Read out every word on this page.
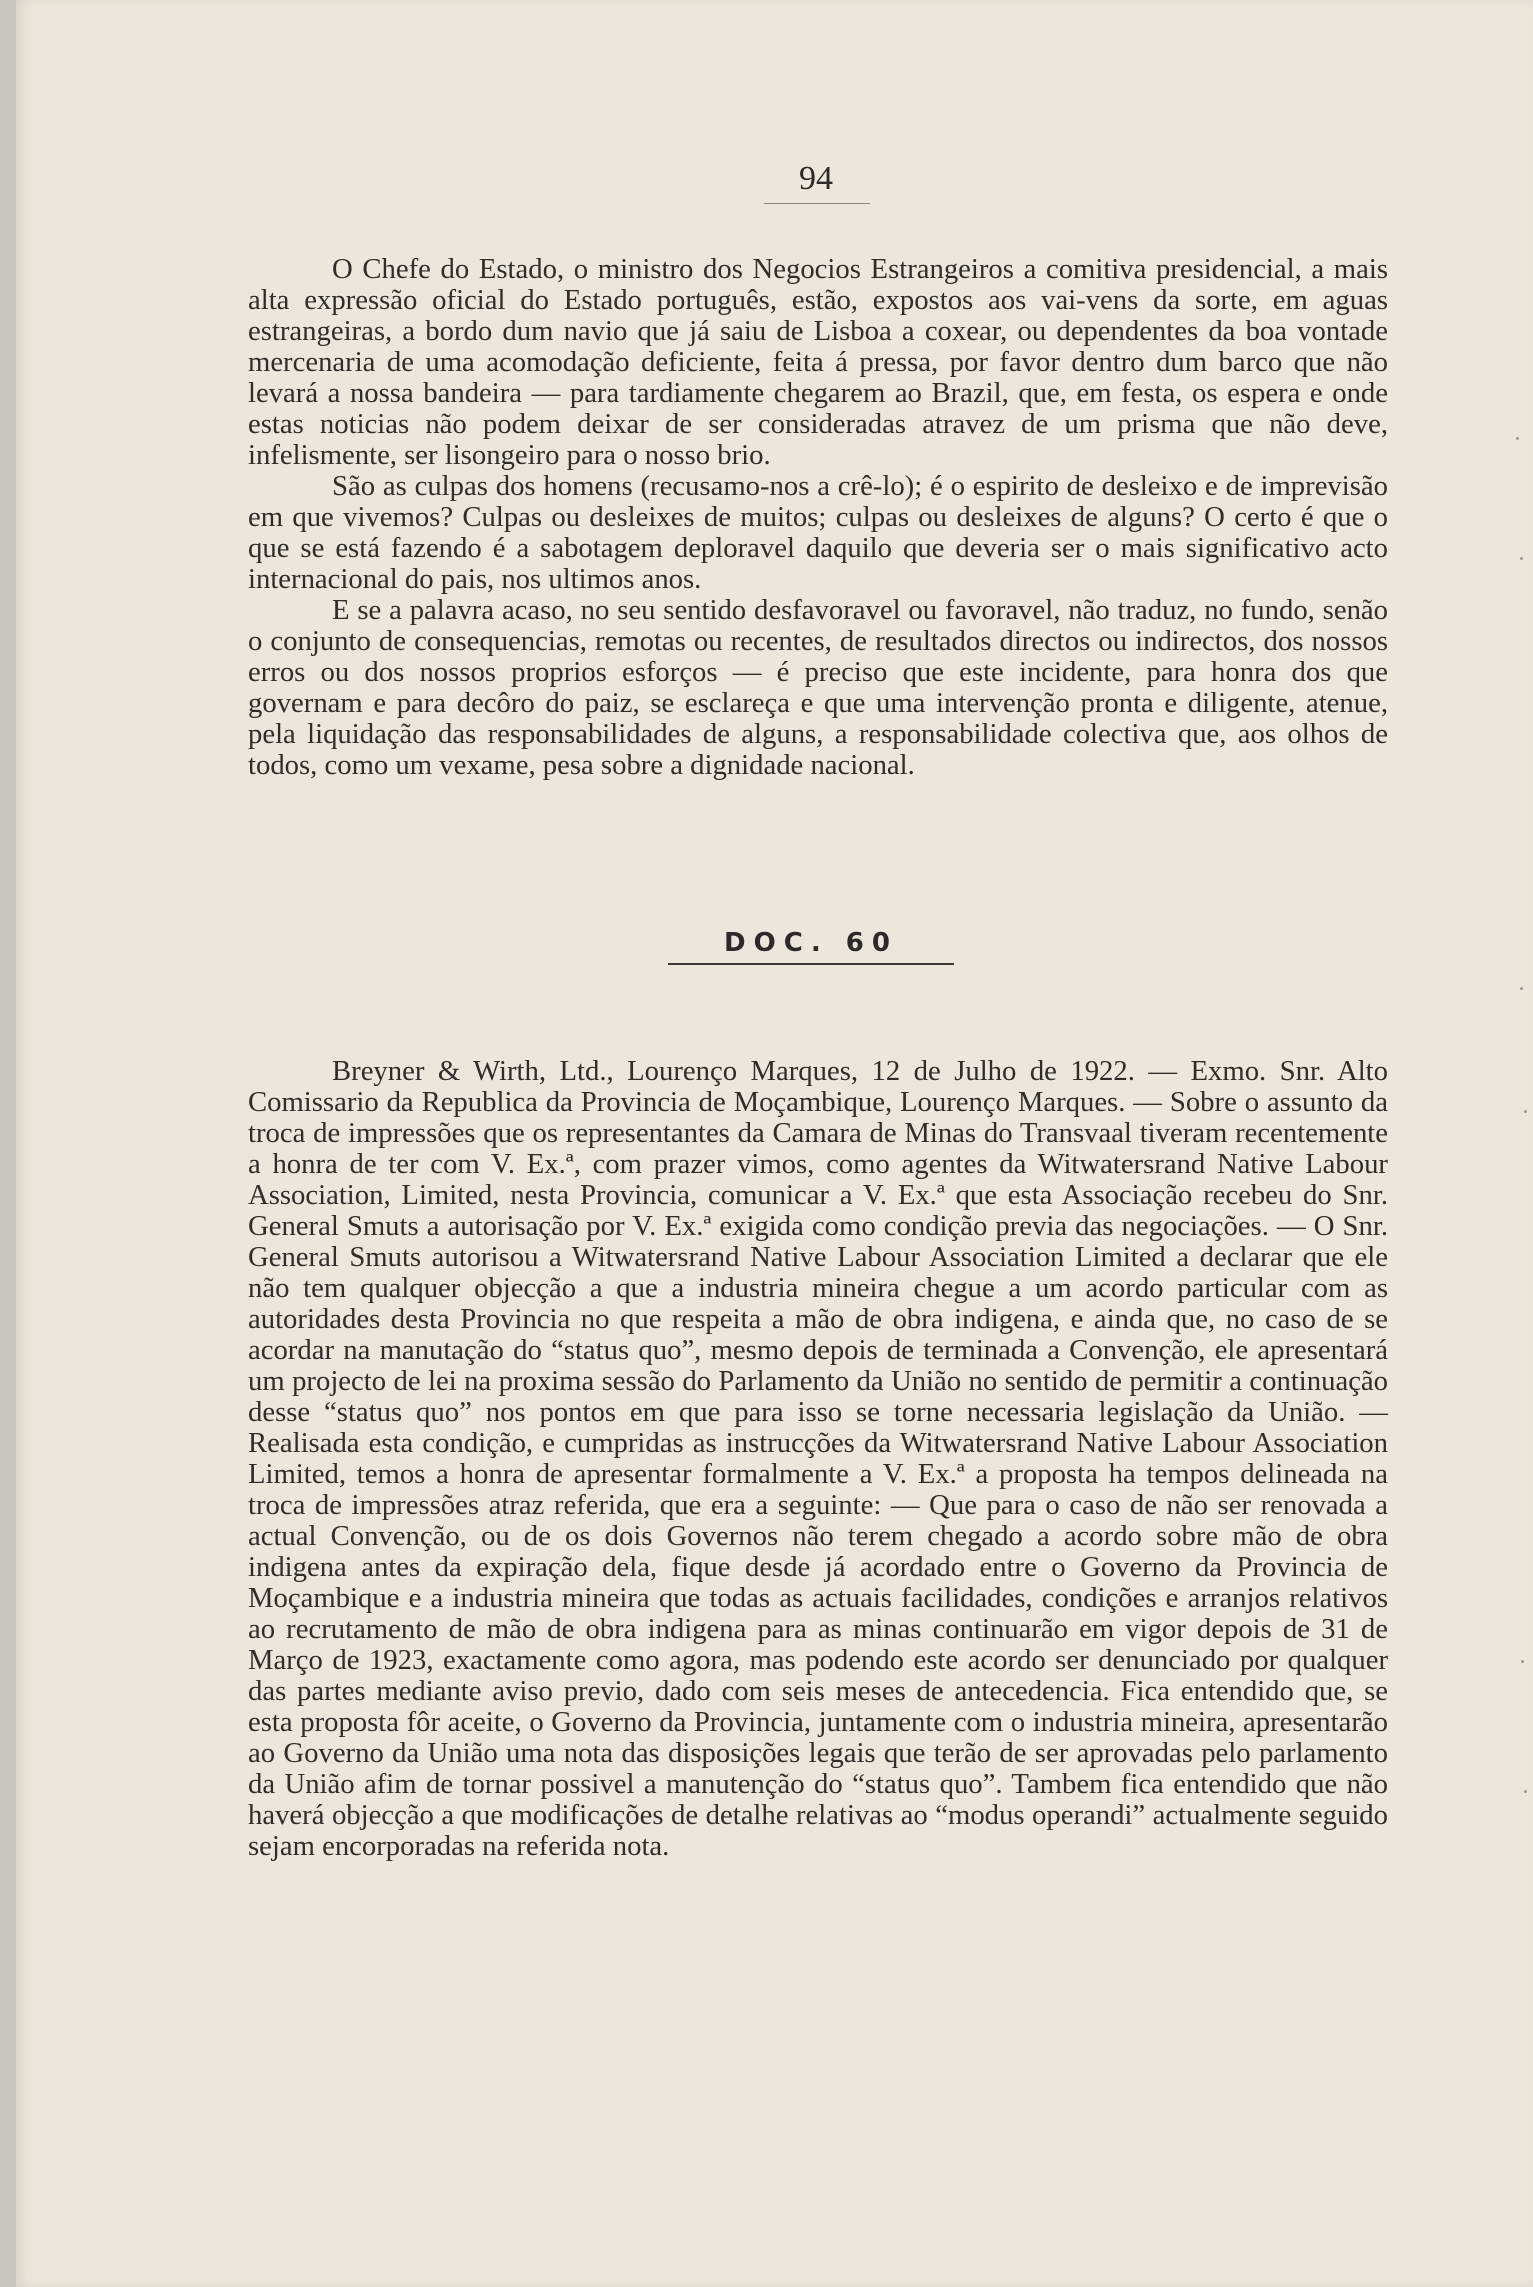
94

O Chefe do Estado, o ministro dos Negocios Estrangeiros a comitiva presidencial, a mais alta expressão oficial do Estado português, estão, expostos aos vai-vens da sorte, em aguas estrangeiras, a bordo dum navio que já saiu de Lisboa a coxear, ou dependentes da boa vontade mercenaria de uma acomodação deficiente, feita á pressa, por favor dentro dum barco que não levará a nossa bandeira — para tardiamente chegarem ao Brazil, que, em festa, os espera e onde estas noticias não podem deixar de ser consideradas atravez de um prisma que não deve, infelismente, ser lisongeiro para o nosso brio.

São as culpas dos homens (recusamo-nos a crê-lo); é o espirito de desleixo e de imprevisão em que vivemos? Culpas ou desleixes de muitos; culpas ou desleixes de alguns? O certo é que o que se está fazendo é a sabotagem deploravel daquilo que deveria ser o mais significativo acto internacional do pais, nos ultimos anos.

E se a palavra acaso, no seu sentido desfavoravel ou favoravel, não traduz, no fundo, senão o conjunto de consequencias, remotas ou recentes, de resultados directos ou indirectos, dos nossos erros ou dos nossos proprios esforços — é preciso que este incidente, para honra dos que governam e para decôro do paiz, se esclareça e que uma intervenção pronta e diligente, atenue, pela liquidação das responsabilidades de alguns, a responsabilidade colectiva que, aos olhos de todos, como um vexame, pesa sobre a dignidade nacional.

DOC. 60

Breyner & Wirth, Ltd., Lourenço Marques, 12 de Julho de 1922. — Exmo. Snr. Alto Comissario da Republica da Provincia de Moçambique, Lourenço Marques. — Sobre o assunto da troca de impressões que os representantes da Camara de Minas do Transvaal tiveram recentemente a honra de ter com V. Ex.ª, com prazer vimos, como agentes da Witwatersrand Native Labour Association, Limited, nesta Provincia, comunicar a V. Ex.ª que esta Associação recebeu do Snr. General Smuts a autorisação por V. Ex.ª exigida como condição previa das negociações. — O Snr. General Smuts autorisou a Witwatersrand Native Labour Association Limited a declarar que ele não tem qualquer objecção a que a industria mineira chegue a um acordo particular com as autoridades desta Provincia no que respeita a mão de obra indigena, e ainda que, no caso de se acordar na manutação do “status quo”, mesmo depois de terminada a Convenção, ele apresentará um projecto de lei na proxima sessão do Parlamento da União no sentido de permitir a continuação desse “status quo” nos pontos em que para isso se torne necessaria legislação da União. — Realisada esta condição, e cumpridas as instrucções da Witwatersrand Native Labour Association Limited, temos a honra de apresentar formalmente a V. Ex.ª a proposta ha tempos delineada na troca de impressões atraz referida, que era a seguinte: — Que para o caso de não ser renovada a actual Convenção, ou de os dois Governos não terem chegado a acordo sobre mão de obra indigena antes da expiração dela, fique desde já acordado entre o Governo da Provincia de Moçambique e a industria mineira que todas as actuais facilidades, condições e arranjos relativos ao recrutamento de mão de obra indigena para as minas continuarão em vigor depois de 31 de Março de 1923, exactamente como agora, mas podendo este acordo ser denunciado por qualquer das partes mediante aviso previo, dado com seis meses de antecedencia. Fica entendido que, se esta proposta fôr aceite, o Governo da Provincia, juntamente com o industria mineira, apresentarão ao Governo da União uma nota das disposições legais que terão de ser aprovadas pelo parlamento da União afim de tornar possivel a manutenção do “status quo”. Tambem fica entendido que não haverá objecção a que modificações de detalhe relativas ao “modus operandi” actualmente seguido sejam encorporadas na referida nota.
